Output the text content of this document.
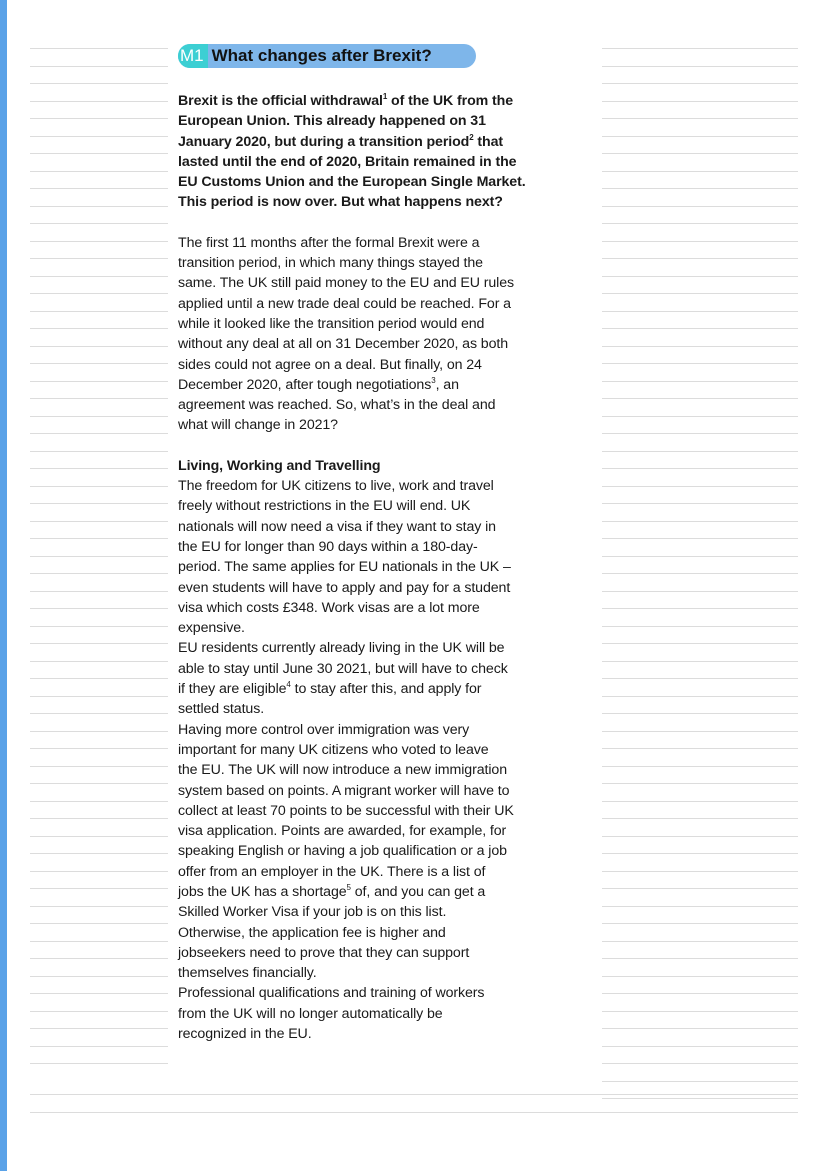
M1 What changes after Brexit?
Brexit is the official withdrawal$^1$ of the UK from the
European Union. This already happened on 31
January 2020, but during a transition period$^2$ that
lasted until the end of 2020, Britain remained in the
EU Customs Union and the European Single Market.
This period is now over. But what happens next?
The first 11 months after the formal Brexit were a
transition period, in which many things stayed the
same. The UK still paid money to the EU and EU rules
applied until a new trade deal could be reached. For a
while it looked like the transition period would end
without any deal at all on 31 December 2020, as both
sides could not agree on a deal. But finally, on 24
December 2020, after tough negotiations$^3$, an
agreement was reached. So, what’s in the deal and
what will change in 2021?
Living, Working and Travelling
The freedom for UK citizens to live, work and travel
freely without restrictions in the EU will end. UK
nationals will now need a visa if they want to stay in
the EU for longer than 90 days within a 180-day-
period. The same applies for EU nationals in the UK –
even students will have to apply and pay for a student
visa which costs £348. Work visas are a lot more
expensive.
EU residents currently already living in the UK will be
able to stay until June 30 2021, but will have to check
if they are eligible$^4$ to stay after this, and apply for
settled status.
Having more control over immigration was very
important for many UK citizens who voted to leave
the EU. The UK will now introduce a new immigration
system based on points. A migrant worker will have to
collect at least 70 points to be successful with their UK
visa application. Points are awarded, for example, for
speaking English or having a job qualification or a job
offer from an employer in the UK. There is a list of
jobs the UK has a shortage$^5$ of, and you can get a
Skilled Worker Visa if your job is on this list.
Otherwise, the application fee is higher and
jobseekers need to prove that they can support
themselves financially.
Professional qualifications and training of workers
from the UK will no longer automatically be
recognized in the EU.
